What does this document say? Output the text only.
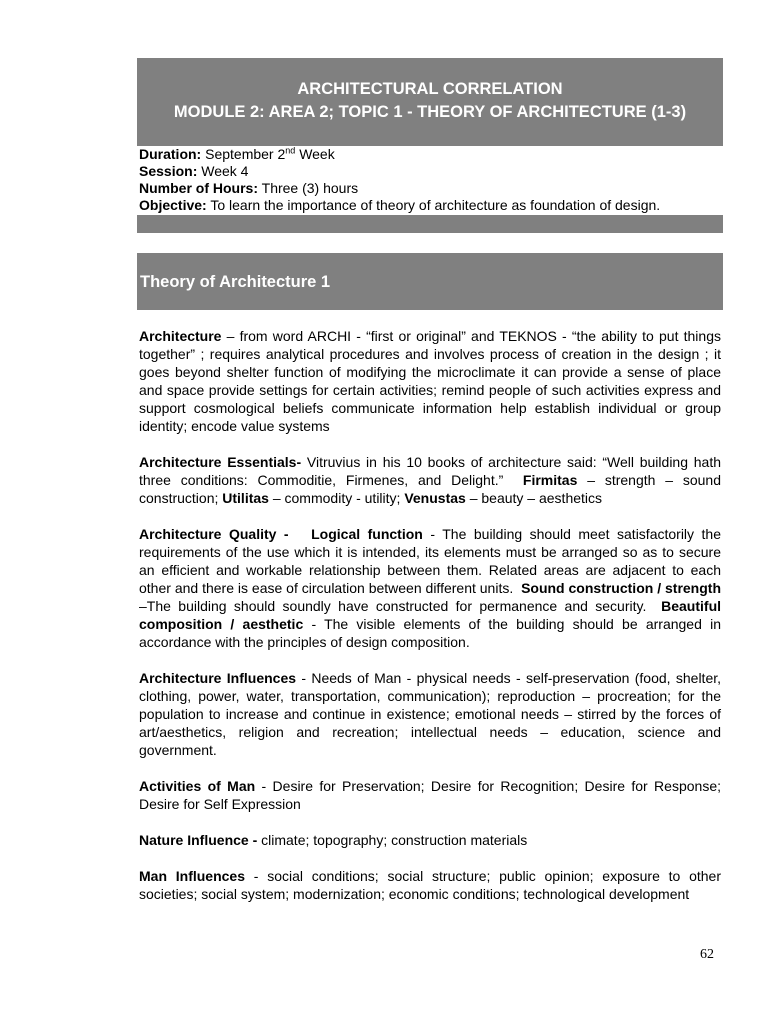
ARCHITECTURAL CORRELATION
MODULE 2: AREA 2; TOPIC 1 - THEORY OF ARCHITECTURE (1-3)
Duration: September 2nd Week
Session: Week 4
Number of Hours: Three (3) hours
Objective: To learn the importance of theory of architecture as foundation of design.
Theory of Architecture 1

Architecture – from word ARCHI - “first or original” and TEKNOS - “the ability to put things together” ; requires analytical procedures and involves process of creation in the design ; it goes beyond shelter function of modifying the microclimate it can provide a sense of place and space provide settings for certain activities; remind people of such activities express and support cosmological beliefs communicate information help establish individual or group identity; encode value systems

Architecture Essentials- Vitruvius in his 10 books of architecture said: “Well building hath three conditions: Commoditie, Firmenes, and Delight.” Firmitas – strength – sound construction; Utilitas – commodity - utility; Venustas – beauty – aesthetics

Architecture Quality - Logical function - The building should meet satisfactorily the requirements of the use which it is intended, its elements must be arranged so as to secure an efficient and workable relationship between them. Related areas are adjacent to each other and there is ease of circulation between different units. Sound construction / strength –The building should soundly have constructed for permanence and security. Beautiful composition / aesthetic - The visible elements of the building should be arranged in accordance with the principles of design composition.

Architecture Influences - Needs of Man - physical needs - self-preservation (food, shelter, clothing, power, water, transportation, communication); reproduction – procreation; for the population to increase and continue in existence; emotional needs – stirred by the forces of art/aesthetics, religion and recreation; intellectual needs – education, science and government.

Activities of Man - Desire for Preservation; Desire for Recognition; Desire for Response; Desire for Self Expression

Nature Influence - climate; topography; construction materials

Man Influences - social conditions; social structure; public opinion; exposure to other societies; social system; modernization; economic conditions; technological development

62
